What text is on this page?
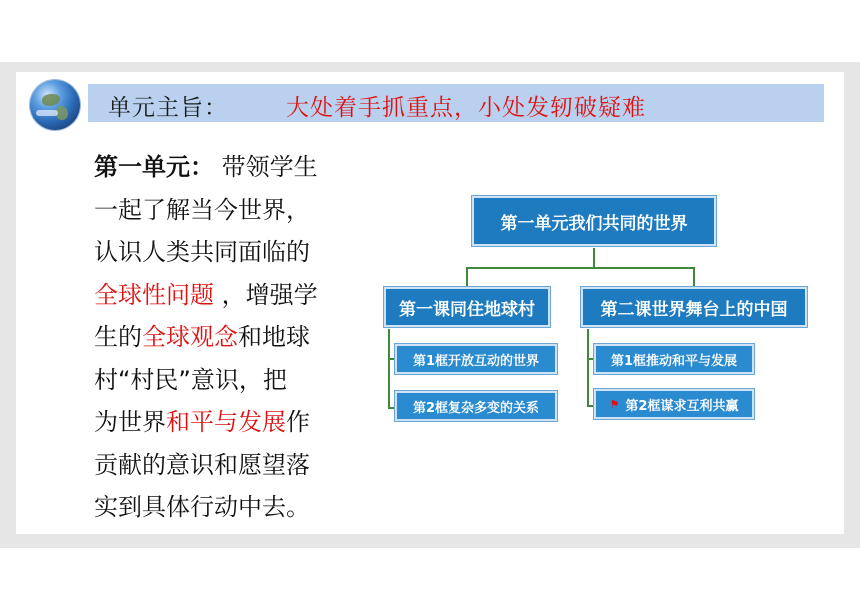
单元主旨：	大处着手抓重点，小处发轫破疑难
第一单元： 带领学生
一起了解当今世界，
认识人类共同面临的
全球性问题 ，增强学
生的全球观念和地球
村“村民”意识，把
为世界和平与发展作
贡献的意识和愿望落
实到具体行动中去。
第一单元我们共同的世界
第一课同住地球村	第二课世界舞台上的中国
第1框开放互动的世界
第2框复杂多变的关系
第1框推动和平与发展
⚑ 第2框谋求互利共赢
